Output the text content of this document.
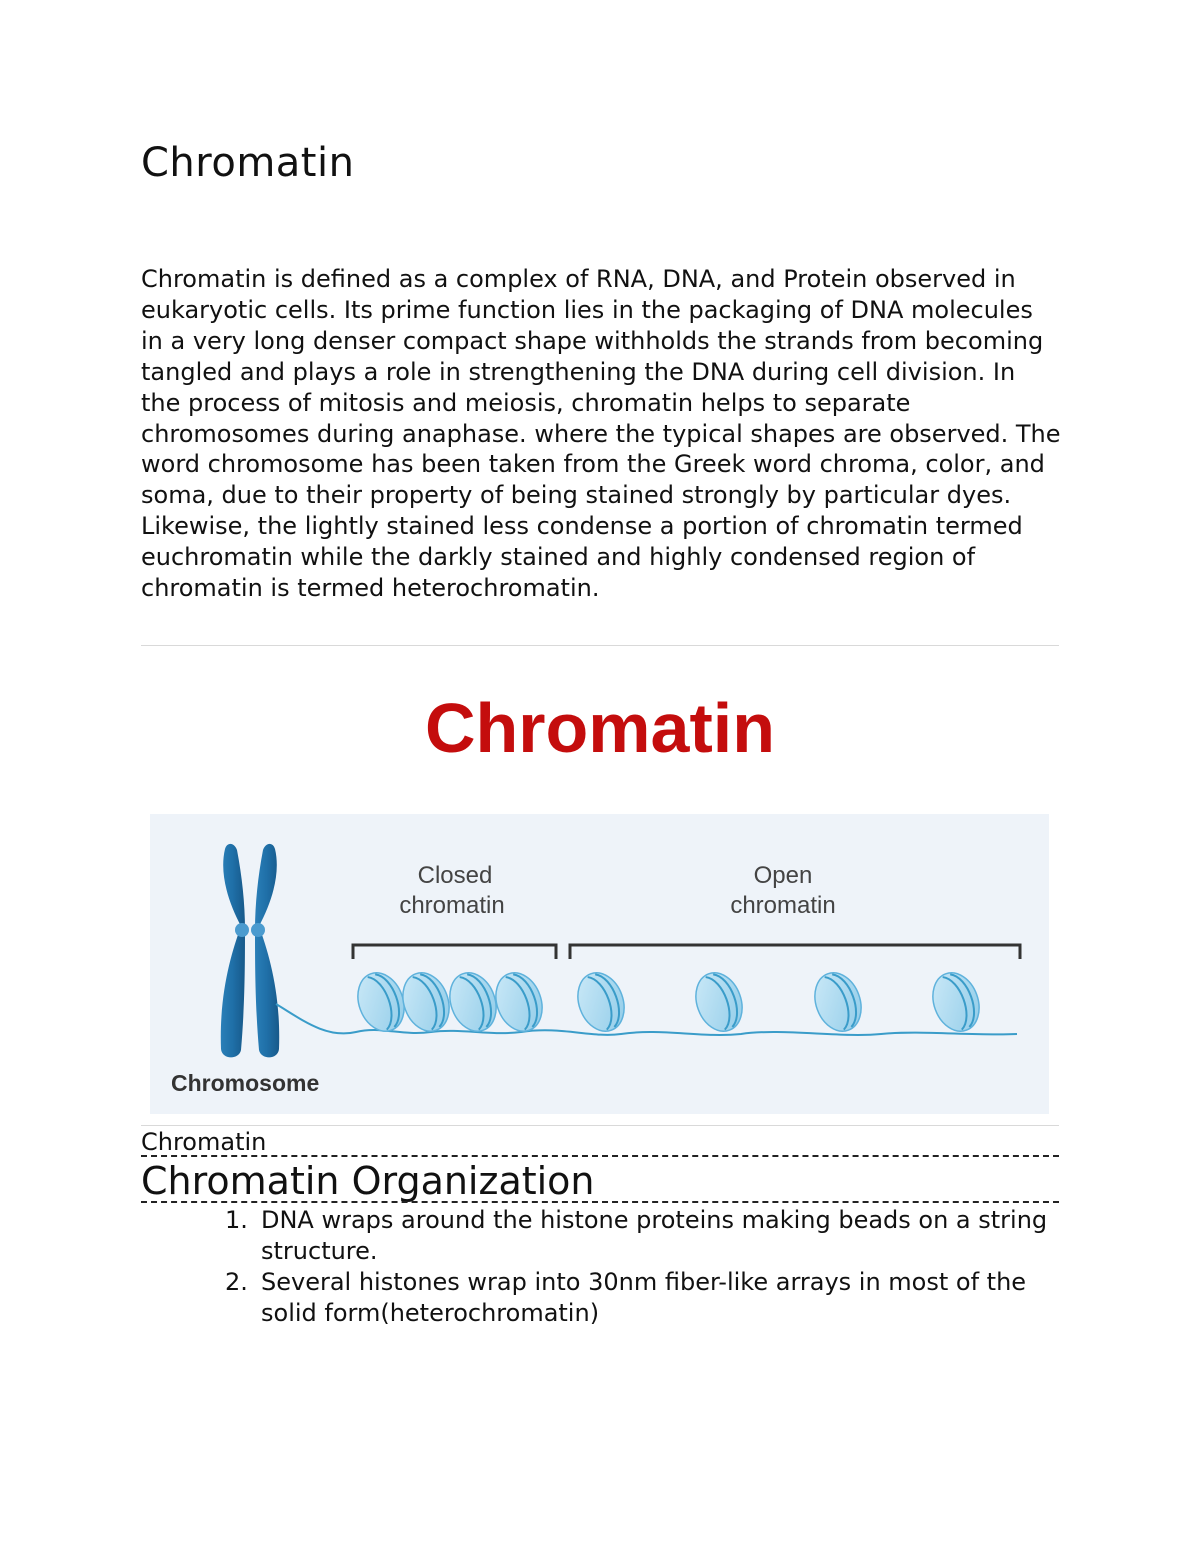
Chromatin

Chromatin is defined as a complex of RNA, DNA, and Protein observed in eukaryotic cells. Its prime function lies in the packaging of DNA molecules in a very long denser compact shape withholds the strands from becoming tangled and plays a role in strengthening the DNA during cell division. In the process of mitosis and meiosis, chromatin helps to separate chromosomes during anaphase. where the typical shapes are observed. The word chromosome has been taken from the Greek word chroma, color, and soma, due to their property of being stained strongly by particular dyes. Likewise, the lightly stained less condense a portion of chromatin termed euchromatin while the darkly stained and highly condensed region of chromatin is termed heterochromatin.

Chromatin
Closed
chromatin
Open
chromatin
Chromosome
Chromatin
Chromatin Organization
1. DNA wraps around the histone proteins making beads on a string structure.
2. Several histones wrap into 30nm fiber-like arrays in most of the solid form(heterochromatin)
